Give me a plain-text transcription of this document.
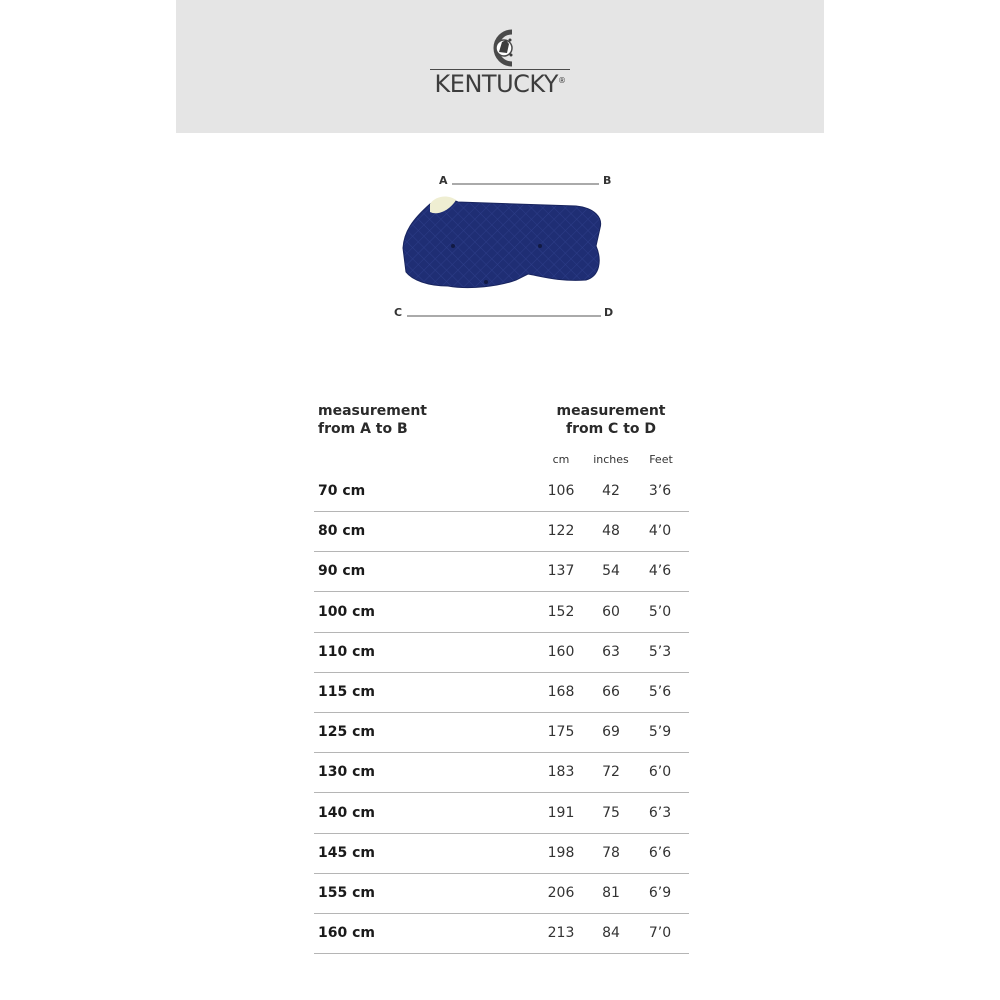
KENTUCKY®
A	B
C	D
measurement
from A to B
measurement
from C to D
cm	inches	Feet
70 cm	106	42	3’6
80 cm	122	48	4’0
90 cm	137	54	4’6
100 cm	152	60	5’0
110 cm	160	63	5’3
115 cm	168	66	5’6
125 cm	175	69	5’9
130 cm	183	72	6’0
140 cm	191	75	6’3
145 cm	198	78	6’6
155 cm	206	81	6’9
160 cm	213	84	7’0
